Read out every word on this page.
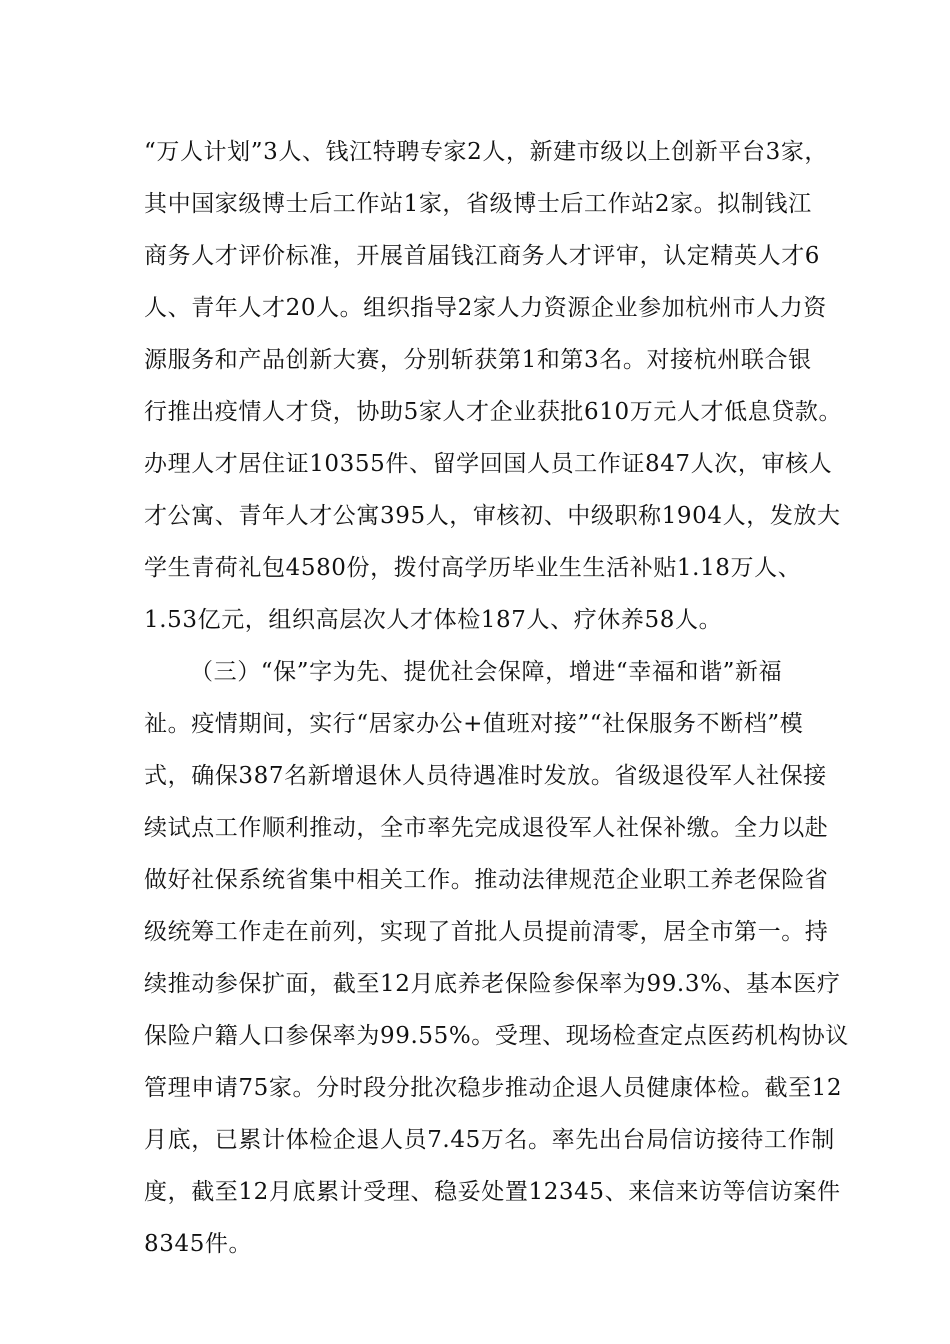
“万人计划”3人、钱江特聘专家2人，新建市级以上创新平台3家，
其中国家级博士后工作站1家，省级博士后工作站2家。拟制钱江
商务人才评价标准，开展首届钱江商务人才评审，认定精英人才6
人、青年人才20人。组织指导2家人力资源企业参加杭州市人力资
源服务和产品创新大赛，分别斩获第1和第3名。对接杭州联合银
行推出疫情人才贷，协助5家人才企业获批610万元人才低息贷款。
办理人才居住证10355件、留学回国人员工作证847人次，审核人
才公寓、青年人才公寓395人，审核初、中级职称1904人，发放大
学生青荷礼包4580份，拨付高学历毕业生生活补贴1.18万人、
1.53亿元，组织高层次人才体检187人、疗休养58人。
（三）“保”字为先、提优社会保障，增进“幸福和谐”新福
祉。疫情期间，实行“居家办公+值班对接”“社保服务不断档”模
式，确保387名新增退休人员待遇准时发放。省级退役军人社保接
续试点工作顺利推动，全市率先完成退役军人社保补缴。全力以赴
做好社保系统省集中相关工作。推动法律规范企业职工养老保险省
级统筹工作走在前列，实现了首批人员提前清零，居全市第一。持
续推动参保扩面，截至12月底养老保险参保率为99.3%、基本医疗
保险户籍人口参保率为99.55%。受理、现场检查定点医药机构协议
管理申请75家。分时段分批次稳步推动企退人员健康体检。截至12
月底，已累计体检企退人员7.45万名。率先出台局信访接待工作制
度，截至12月底累计受理、稳妥处置12345、来信来访等信访案件
8345件。
